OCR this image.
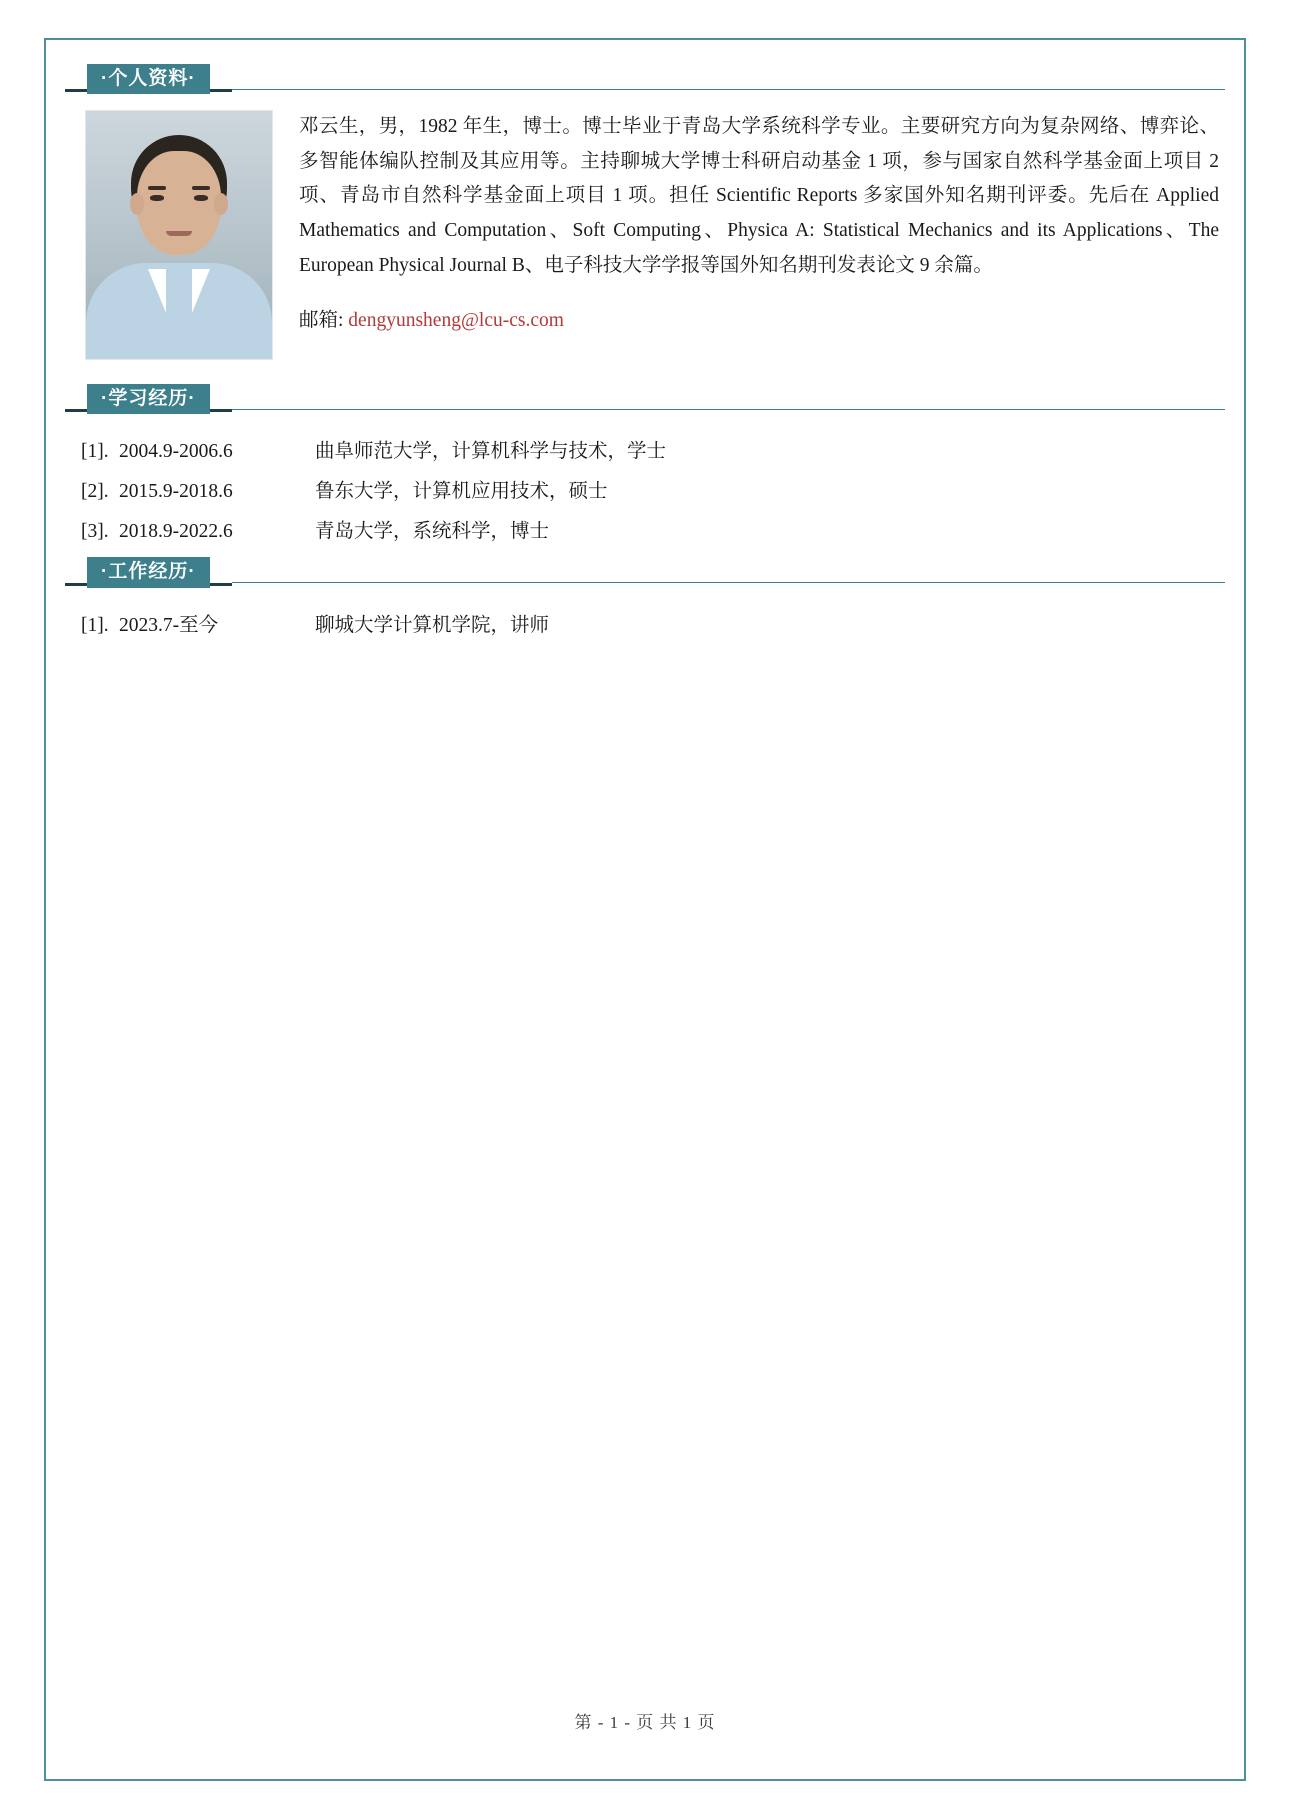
·个人资料·

邓云生，男，1982 年生，博士。博士毕业于青岛大学系统科学专业。主要研究方向为复杂网络、博弈论、多智能体编队控制及其应用等。主持聊城大学博士科研启动基金 1 项，参与国家自然科学基金面上项目 2 项、青岛市自然科学基金面上项目 1 项。担任 Scientific Reports 多家国外知名期刊评委。先后在 Applied Mathematics and Computation、Soft Computing、Physica A: Statistical Mechanics and its Applications、The European Physical Journal B、电子科技大学学报等国外知名期刊发表论文 9 余篇。

邮箱: dengyunsheng@lcu-cs.com
·学习经历·
[1]. 2004.9-2006.6	曲阜师范大学，计算机科学与技术，学士
[2]. 2015.9-2018.6	鲁东大学，计算机应用技术，硕士
[3]. 2018.9-2022.6	青岛大学，系统科学，博士
·工作经历·
[1]. 2023.7-至今	聊城大学计算机学院，讲师
第 - 1 - 页 共 1 页
